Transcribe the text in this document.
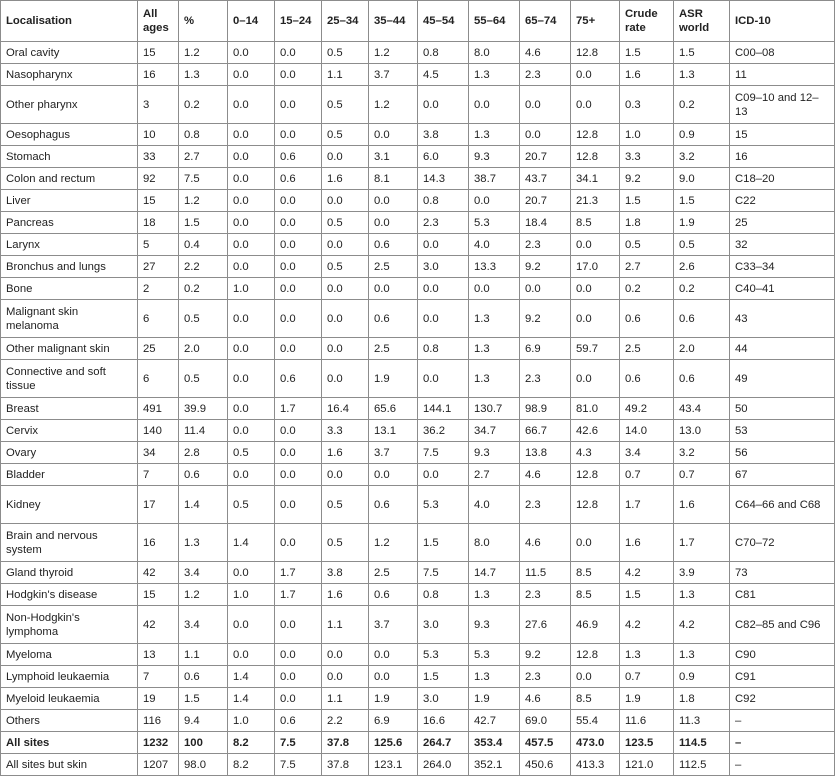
Localisation	All ages	%	0–14	15–24	25–34	35–44	45–54	55–64	65–74	75+	Crude rate	ASR world	ICD-10
Oral cavity	15	1.2	0.0	0.0	0.5	1.2	0.8	8.0	4.6	12.8	1.5	1.5	C00–08
Nasopharynx	16	1.3	0.0	0.0	1.1	3.7	4.5	1.3	2.3	0.0	1.6	1.3	11
Other pharynx	3	0.2	0.0	0.0	0.5	1.2	0.0	0.0	0.0	0.0	0.3	0.2	C09–10 and 12–13
Oesophagus	10	0.8	0.0	0.0	0.5	0.0	3.8	1.3	0.0	12.8	1.0	0.9	15
Stomach	33	2.7	0.0	0.6	0.0	3.1	6.0	9.3	20.7	12.8	3.3	3.2	16
Colon and rectum	92	7.5	0.0	0.6	1.6	8.1	14.3	38.7	43.7	34.1	9.2	9.0	C18–20
Liver	15	1.2	0.0	0.0	0.0	0.0	0.8	0.0	20.7	21.3	1.5	1.5	C22
Pancreas	18	1.5	0.0	0.0	0.5	0.0	2.3	5.3	18.4	8.5	1.8	1.9	25
Larynx	5	0.4	0.0	0.0	0.0	0.6	0.0	4.0	2.3	0.0	0.5	0.5	32
Bronchus and lungs	27	2.2	0.0	0.0	0.5	2.5	3.0	13.3	9.2	17.0	2.7	2.6	C33–34
Bone	2	0.2	1.0	0.0	0.0	0.0	0.0	0.0	0.0	0.0	0.2	0.2	C40–41
Malignant skin melanoma	6	0.5	0.0	0.0	0.0	0.6	0.0	1.3	9.2	0.0	0.6	0.6	43
Other malignant skin	25	2.0	0.0	0.0	0.0	2.5	0.8	1.3	6.9	59.7	2.5	2.0	44
Connective and soft tissue	6	0.5	0.0	0.6	0.0	1.9	0.0	1.3	2.3	0.0	0.6	0.6	49
Breast	491	39.9	0.0	1.7	16.4	65.6	144.1	130.7	98.9	81.0	49.2	43.4	50
Cervix	140	11.4	0.0	0.0	3.3	13.1	36.2	34.7	66.7	42.6	14.0	13.0	53
Ovary	34	2.8	0.5	0.0	1.6	3.7	7.5	9.3	13.8	4.3	3.4	3.2	56
Bladder	7	0.6	0.0	0.0	0.0	0.0	0.0	2.7	4.6	12.8	0.7	0.7	67
Kidney	17	1.4	0.5	0.0	0.5	0.6	5.3	4.0	2.3	12.8	1.7	1.6	C64–66 and C68
Brain and nervous system	16	1.3	1.4	0.0	0.5	1.2	1.5	8.0	4.6	0.0	1.6	1.7	C70–72
Gland thyroid	42	3.4	0.0	1.7	3.8	2.5	7.5	14.7	11.5	8.5	4.2	3.9	73
Hodgkin's disease	15	1.2	1.0	1.7	1.6	0.6	0.8	1.3	2.3	8.5	1.5	1.3	C81
Non-Hodgkin's lymphoma	42	3.4	0.0	0.0	1.1	3.7	3.0	9.3	27.6	46.9	4.2	4.2	C82–85 and C96
Myeloma	13	1.1	0.0	0.0	0.0	0.0	5.3	5.3	9.2	12.8	1.3	1.3	C90
Lymphoid leukaemia	7	0.6	1.4	0.0	0.0	0.0	1.5	1.3	2.3	0.0	0.7	0.9	C91
Myeloid leukaemia	19	1.5	1.4	0.0	1.1	1.9	3.0	1.9	4.6	8.5	1.9	1.8	C92
Others	116	9.4	1.0	0.6	2.2	6.9	16.6	42.7	69.0	55.4	11.6	11.3	–
All sites	1232	100	8.2	7.5	37.8	125.6	264.7	353.4	457.5	473.0	123.5	114.5	–
All sites but skin	1207	98.0	8.2	7.5	37.8	123.1	264.0	352.1	450.6	413.3	121.0	112.5	–
